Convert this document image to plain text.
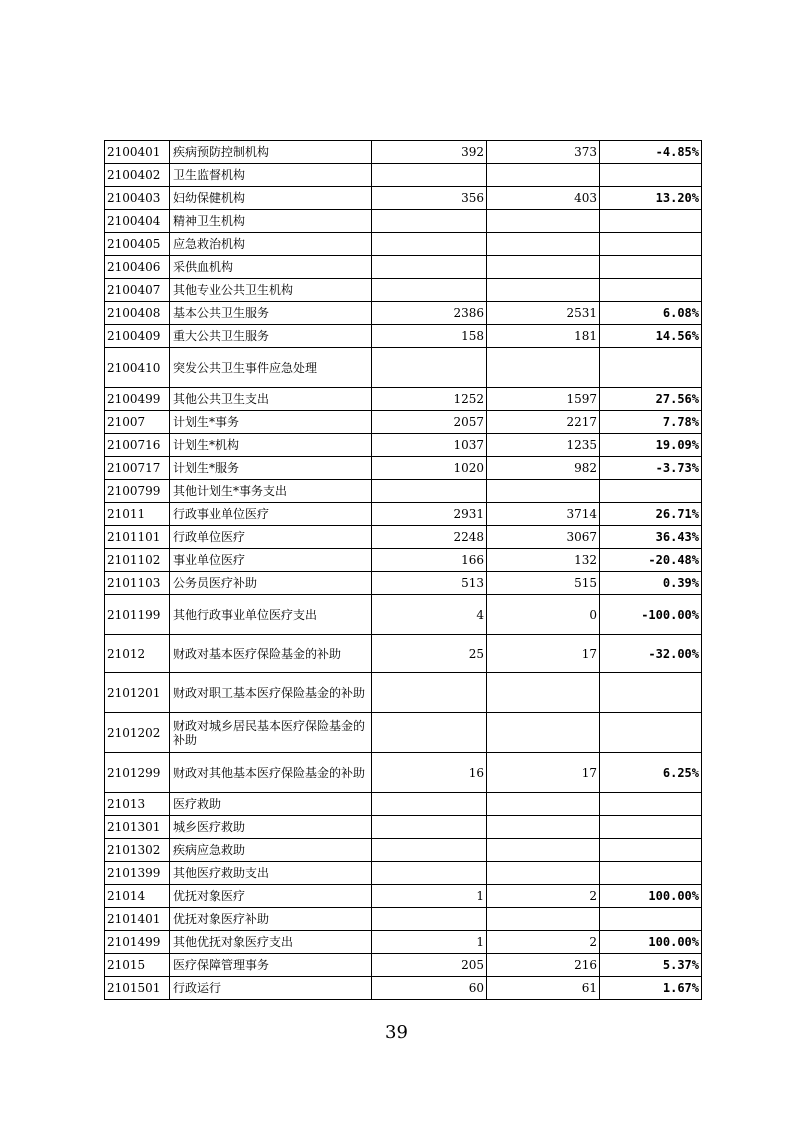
2100401	疾病预防控制机构	392	373	-4.85%
2100402	卫生监督机构			
2100403	妇幼保健机构	356	403	13.20%
2100404	精神卫生机构			
2100405	应急救治机构			
2100406	采供血机构			
2100407	其他专业公共卫生机构			
2100408	基本公共卫生服务	2386	2531	6.08%
2100409	重大公共卫生服务	158	181	14.56%
2100410	突发公共卫生事件应急处理			
2100499	其他公共卫生支出	1252	1597	27.56%
21007	计划生*事务	2057	2217	7.78%
2100716	计划生*机构	1037	1235	19.09%
2100717	计划生*服务	1020	982	-3.73%
2100799	其他计划生*事务支出			
21011	行政事业单位医疗	2931	3714	26.71%
2101101	行政单位医疗	2248	3067	36.43%
2101102	事业单位医疗	166	132	-20.48%
2101103	公务员医疗补助	513	515	0.39%
2101199	其他行政事业单位医疗支出	4	0	-100.00%
21012	财政对基本医疗保险基金的补助	25	17	-32.00%
2101201	财政对职工基本医疗保险基金的补助			
2101202	财政对城乡居民基本医疗保险基金的补助			
2101299	财政对其他基本医疗保险基金的补助	16	17	6.25%
21013	医疗救助			
2101301	城乡医疗救助			
2101302	疾病应急救助			
2101399	其他医疗救助支出			
21014	优抚对象医疗	1	2	100.00%
2101401	优抚对象医疗补助			
2101499	其他优抚对象医疗支出	1	2	100.00%
21015	医疗保障管理事务	205	216	5.37%
2101501	行政运行	60	61	1.67%
39
